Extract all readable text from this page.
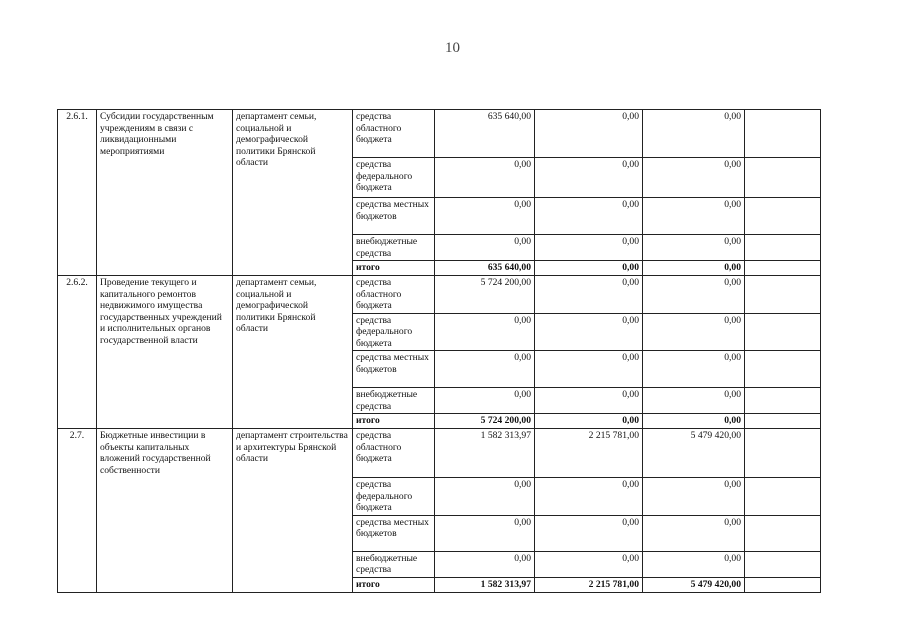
10
2.6.1.	Субсидии государственным учреждениям в связи с ликвидационными мероприятиями	департамент семьи, социальной и демографической политики Брянской области	средства областного бюджета	635 640,00	0,00	0,00	
			средства федерального бюджета	0,00	0,00	0,00	
			средства местных бюджетов	0,00	0,00	0,00	
			внебюджетные средства	0,00	0,00	0,00	
			итого	635 640,00	0,00	0,00	
2.6.2.	Проведение текущего и капитального ремонтов недвижимого имущества государственных учреждений и исполнительных органов государственной власти	департамент семьи, социальной и демографической политики Брянской области	средства областного бюджета	5 724 200,00	0,00	0,00	
			средства федерального бюджета	0,00	0,00	0,00	
			средства местных бюджетов	0,00	0,00	0,00	
			внебюджетные средства	0,00	0,00	0,00	
			итого	5 724 200,00	0,00	0,00	
2.7.	Бюджетные инвестиции в объекты капитальных вложений государственной собственности	департамент строительства и архитектуры Брянской области	средства областного бюджета	1 582 313,97	2 215 781,00	5 479 420,00	
			средства федерального бюджета	0,00	0,00	0,00	
			средства местных бюджетов	0,00	0,00	0,00	
			внебюджетные средства	0,00	0,00	0,00	
			итого	1 582 313,97	2 215 781,00	5 479 420,00	
